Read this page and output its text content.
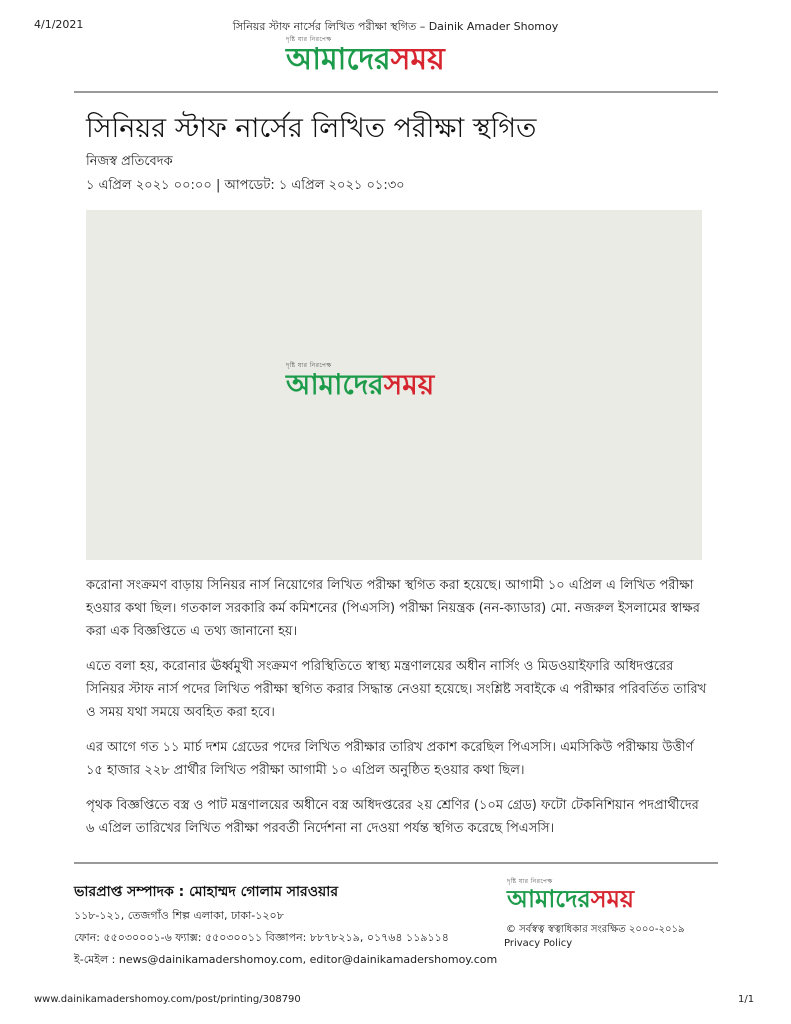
4/1/2021	সিনিয়র স্টাফ নার্সের লিখিত পরীক্ষা স্থগিত – Dainik Amader Shomoy
দৃষ্টি যার নিরপেক্ষ
আমাদেরসময়
সিনিয়র স্টাফ নার্সের লিখিত পরীক্ষা স্থগিত
নিজস্ব প্রতিবেদক
১ এপ্রিল ২০২১ ০০:০০ | আপডেট: ১ এপ্রিল ২০২১ ০১:৩০
দৃষ্টি যার নিরপেক্ষ
আমাদেরসময়

করোনা সংক্রমণ বাড়ায় সিনিয়র নার্স নিয়োগের লিখিত পরীক্ষা স্থগিত করা হয়েছে। আগামী ১০ এপ্রিল এ লিখিত পরীক্ষা হওয়ার কথা ছিল। গতকাল সরকারি কর্ম কমিশনের (পিএসসি) পরীক্ষা নিয়ন্ত্রক (নন-ক্যাডার) মো. নজরুল ইসলামের স্বাক্ষর করা এক বিজ্ঞপ্তিতে এ তথ্য জানানো হয়।

এতে বলা হয়, করোনার ঊর্ধ্বমুখী সংক্রমণ পরিস্থিতিতে স্বাস্থ্য মন্ত্রণালয়ের অধীন নার্সিং ও মিডওয়াইফারি অধিদপ্তরের সিনিয়র স্টাফ নার্স পদের লিখিত পরীক্ষা স্থগিত করার সিদ্ধান্ত নেওয়া হয়েছে। সংশ্লিষ্ট সবাইকে এ পরীক্ষার পরিবর্তিত তারিখ ও সময় যথা সময়ে অবহিত করা হবে।

এর আগে গত ১১ মার্চ দশম গ্রেডের পদের লিখিত পরীক্ষার তারিখ প্রকাশ করেছিল পিএসসি। এমসিকিউ পরীক্ষায় উত্তীর্ণ ১৫ হাজার ২২৮ প্রার্থীর লিখিত পরীক্ষা আগামী ১০ এপ্রিল অনুষ্ঠিত হওয়ার কথা ছিল।

পৃথক বিজ্ঞপ্তিতে বস্ত্র ও পাট মন্ত্রণালয়ের অধীনে বস্ত্র অধিদপ্তরের ২য় শ্রেণির (১০ম গ্রেড) ফটো টেকনিশিয়ান পদপ্রার্থীদের ৬ এপ্রিল তারিখের লিখিত পরীক্ষা পরবর্তী নির্দেশনা না দেওয়া পর্যন্ত স্থগিত করেছে পিএসসি।

ভারপ্রাপ্ত সম্পাদক : মোহাম্মদ গোলাম সারওয়ার
১১৮-১২১, তেজগাঁও শিল্প এলাকা, ঢাকা-১২০৮
ফোন: ৫৫০৩০০০১-৬ ফ্যাক্স: ৫৫০৩০০১১ বিজ্ঞাপন: ৮৮৭৮২১৯, ০১৭৬৪ ১১৯১১৪
ই-মেইল : news@dainikamadershomoy.com, editor@dainikamadershomoy.com
দৃষ্টি যার নিরপেক্ষ
আমাদেরসময়
© সর্বস্বত্ব স্বত্বাধিকার সংরক্ষিত ২০০০-২০১৯
Privacy Policy
www.dainikamadershomoy.com/post/printing/308790	1/1
